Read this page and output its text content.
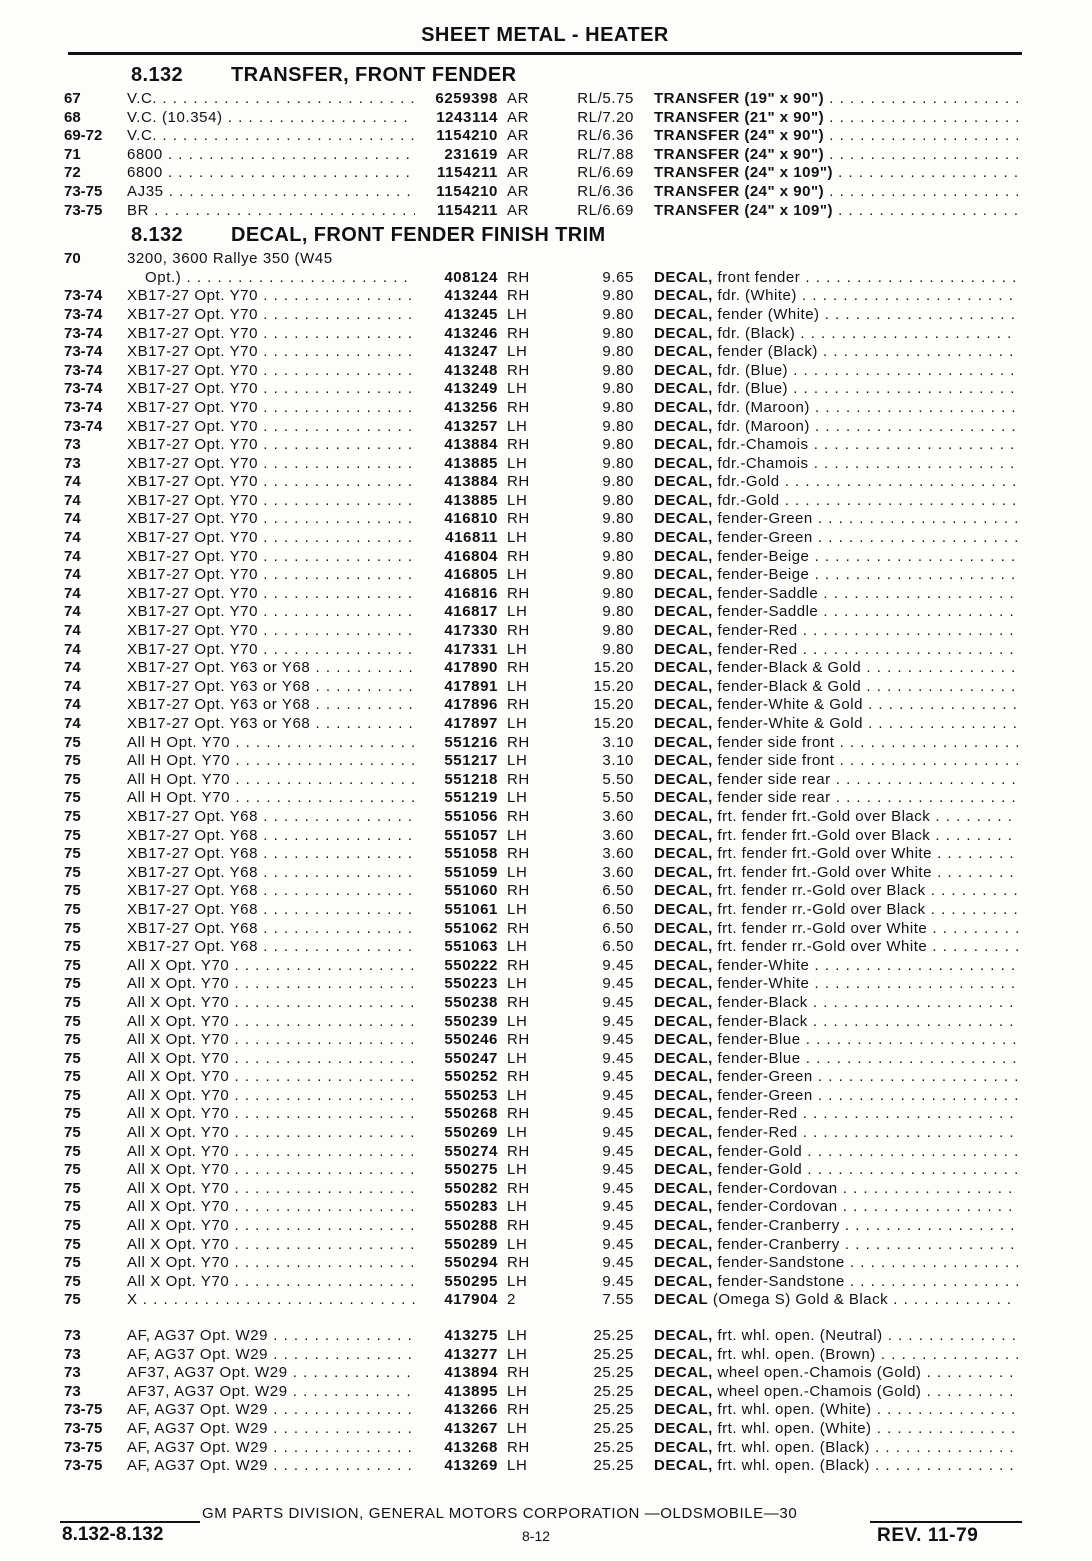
SHEET METAL - HEATER
8.132 TRANSFER, FRONT FENDER
67	V.C. . . .	6259398 AR	RL/5.75 TRANSFER (19" x 90") . . .
68	V.C. (10.354) . . .	1243114 AR	RL/7.20 TRANSFER (21" x 90") . . .
69-72	V.C. . . .	1154210 AR	RL/6.36 TRANSFER (24" x 90") . . .
71	6800 . . .	231619 AR	RL/7.88 TRANSFER (24" x 90") . . .
72	6800 . . .	1154211 AR	RL/6.69 TRANSFER (24" x 109") . . .
73-75	AJ35 . . .	1154210 AR	RL/6.36 TRANSFER (24" x 90") . . .
73-75	BR . . .	1154211 AR	RL/6.69 TRANSFER (24" x 109") . . .
8.132 DECAL, FRONT FENDER FINISH TRIM
70	3200, 3600 Rallye 350 (W45
Opt.) . . .	408124 RH	9.65 DECAL, front fender . . .
73-74	XB17-27 Opt. Y70 . . .	413244 RH	9.80 DECAL, fdr. (White) . . .
73-74	XB17-27 Opt. Y70 . . .	413245 LH	9.80 DECAL, fender (White) . . .
73-74	XB17-27 Opt. Y70 . . .	413246 RH	9.80 DECAL, fdr. (Black) . . .
73-74	XB17-27 Opt. Y70 . . .	413247 LH	9.80 DECAL, fender (Black) . . .
73-74	XB17-27 Opt. Y70 . . .	413248 RH	9.80 DECAL, fdr. (Blue) . . .
73-74	XB17-27 Opt. Y70 . . .	413249 LH	9.80 DECAL, fdr. (Blue) . . .
73-74	XB17-27 Opt. Y70 . . .	413256 RH	9.80 DECAL, fdr. (Maroon) . . .
73-74	XB17-27 Opt. Y70 . . .	413257 LH	9.80 DECAL, fdr. (Maroon) . . .
73	XB17-27 Opt. Y70 . . .	413884 RH	9.80 DECAL, fdr.-Chamois . . .
73	XB17-27 Opt. Y70 . . .	413885 LH	9.80 DECAL, fdr.-Chamois . . .
74	XB17-27 Opt. Y70 . . .	413884 RH	9.80 DECAL, fdr.-Gold . . .
74	XB17-27 Opt. Y70 . . .	413885 LH	9.80 DECAL, fdr.-Gold . . .
74	XB17-27 Opt. Y70 . . .	416810 RH	9.80 DECAL, fender-Green . . .
74	XB17-27 Opt. Y70 . . .	416811 LH	9.80 DECAL, fender-Green . . .
74	XB17-27 Opt. Y70 . . .	416804 RH	9.80 DECAL, fender-Beige . . .
74	XB17-27 Opt. Y70 . . .	416805 LH	9.80 DECAL, fender-Beige . . .
74	XB17-27 Opt. Y70 . . .	416816 RH	9.80 DECAL, fender-Saddle . . .
74	XB17-27 Opt. Y70 . . .	416817 LH	9.80 DECAL, fender-Saddle . . .
74	XB17-27 Opt. Y70 . . .	417330 RH	9.80 DECAL, fender-Red . . .
74	XB17-27 Opt. Y70 . . .	417331 LH	9.80 DECAL, fender-Red . . .
74	XB17-27 Opt. Y63 or Y68 . . .	417890 RH	15.20 DECAL, fender-Black & Gold . . .
74	XB17-27 Opt. Y63 or Y68 . . .	417891 LH	15.20 DECAL, fender-Black & Gold . . .
74	XB17-27 Opt. Y63 or Y68 . . .	417896 RH	15.20 DECAL, fender-White & Gold . . .
74	XB17-27 Opt. Y63 or Y68 . . .	417897 LH	15.20 DECAL, fender-White & Gold . . .
75	All H Opt. Y70 . . .	551216 RH	3.10 DECAL, fender side front . . .
75	All H Opt. Y70 . . .	551217 LH	3.10 DECAL, fender side front . . .
75	All H Opt. Y70 . . .	551218 RH	5.50 DECAL, fender side rear . . .
75	All H Opt. Y70 . . .	551219 LH	5.50 DECAL, fender side rear . . .
75	XB17-27 Opt. Y68 . . .	551056 RH	3.60 DECAL, frt. fender frt.-Gold over Black . . .
75	XB17-27 Opt. Y68 . . .	551057 LH	3.60 DECAL, frt. fender frt.-Gold over Black . . .
75	XB17-27 Opt. Y68 . . .	551058 RH	3.60 DECAL, frt. fender frt.-Gold over White . . .
75	XB17-27 Opt. Y68 . . .	551059 LH	3.60 DECAL, frt. fender frt.-Gold over White . . .
75	XB17-27 Opt. Y68 . . .	551060 RH	6.50 DECAL, frt. fender rr.-Gold over Black . . .
75	XB17-27 Opt. Y68 . . .	551061 LH	6.50 DECAL, frt. fender rr.-Gold over Black . . .
75	XB17-27 Opt. Y68 . . .	551062 RH	6.50 DECAL, frt. fender rr.-Gold over White . . .
75	XB17-27 Opt. Y68 . . .	551063 LH	6.50 DECAL, frt. fender rr.-Gold over White . . .
75	All X Opt. Y70 . . .	550222 RH	9.45 DECAL, fender-White . . .
75	All X Opt. Y70 . . .	550223 LH	9.45 DECAL, fender-White . . .
75	All X Opt. Y70 . . .	550238 RH	9.45 DECAL, fender-Black . . .
75	All X Opt. Y70 . . .	550239 LH	9.45 DECAL, fender-Black . . .
75	All X Opt. Y70 . . .	550246 RH	9.45 DECAL, fender-Blue . . .
75	All X Opt. Y70 . . .	550247 LH	9.45 DECAL, fender-Blue . . .
75	All X Opt. Y70 . . .	550252 RH	9.45 DECAL, fender-Green . . .
75	All X Opt. Y70 . . .	550253 LH	9.45 DECAL, fender-Green . . .
75	All X Opt. Y70 . . .	550268 RH	9.45 DECAL, fender-Red . . .
75	All X Opt. Y70 . . .	550269 LH	9.45 DECAL, fender-Red . . .
75	All X Opt. Y70 . . .	550274 RH	9.45 DECAL, fender-Gold . . .
75	All X Opt. Y70 . . .	550275 LH	9.45 DECAL, fender-Gold . . .
75	All X Opt. Y70 . . .	550282 RH	9.45 DECAL, fender-Cordovan . . .
75	All X Opt. Y70 . . .	550283 LH	9.45 DECAL, fender-Cordovan . . .
75	All X Opt. Y70 . . .	550288 RH	9.45 DECAL, fender-Cranberry . . .
75	All X Opt. Y70 . . .	550289 LH	9.45 DECAL, fender-Cranberry . . .
75	All X Opt. Y70 . . .	550294 RH	9.45 DECAL, fender-Sandstone . . .
75	All X Opt. Y70 . . .	550295 LH	9.45 DECAL, fender-Sandstone . . .
75	X . . .	417904 2	7.55 DECAL (Omega S) Gold & Black . . .
73	AF, AG37 Opt. W29 . . .	413275 LH	25.25 DECAL, frt. whl. open. (Neutral) . . .
73	AF, AG37 Opt. W29 . . .	413277 LH	25.25 DECAL, frt. whl. open. (Brown) . . .
73	AF37, AG37 Opt. W29 . . .	413894 RH	25.25 DECAL, wheel open.-Chamois (Gold) . . .
73	AF37, AG37 Opt. W29 . . .	413895 LH	25.25 DECAL, wheel open.-Chamois (Gold) . . .
73-75	AF, AG37 Opt. W29 . . .	413266 RH	25.25 DECAL, frt. whl. open. (White) . . .
73-75	AF, AG37 Opt. W29 . . .	413267 LH	25.25 DECAL, frt. whl. open. (White) . . .
73-75	AF, AG37 Opt. W29 . . .	413268 RH	25.25 DECAL, frt. whl. open. (Black) . . .
73-75	AF, AG37 Opt. W29 . . .	413269 LH	25.25 DECAL, frt. whl. open. (Black) . . .
8.132-8.132
GM PARTS DIVISION, GENERAL MOTORS CORPORATION —OLDSMOBILE—30
8-12	REV. 11-79
